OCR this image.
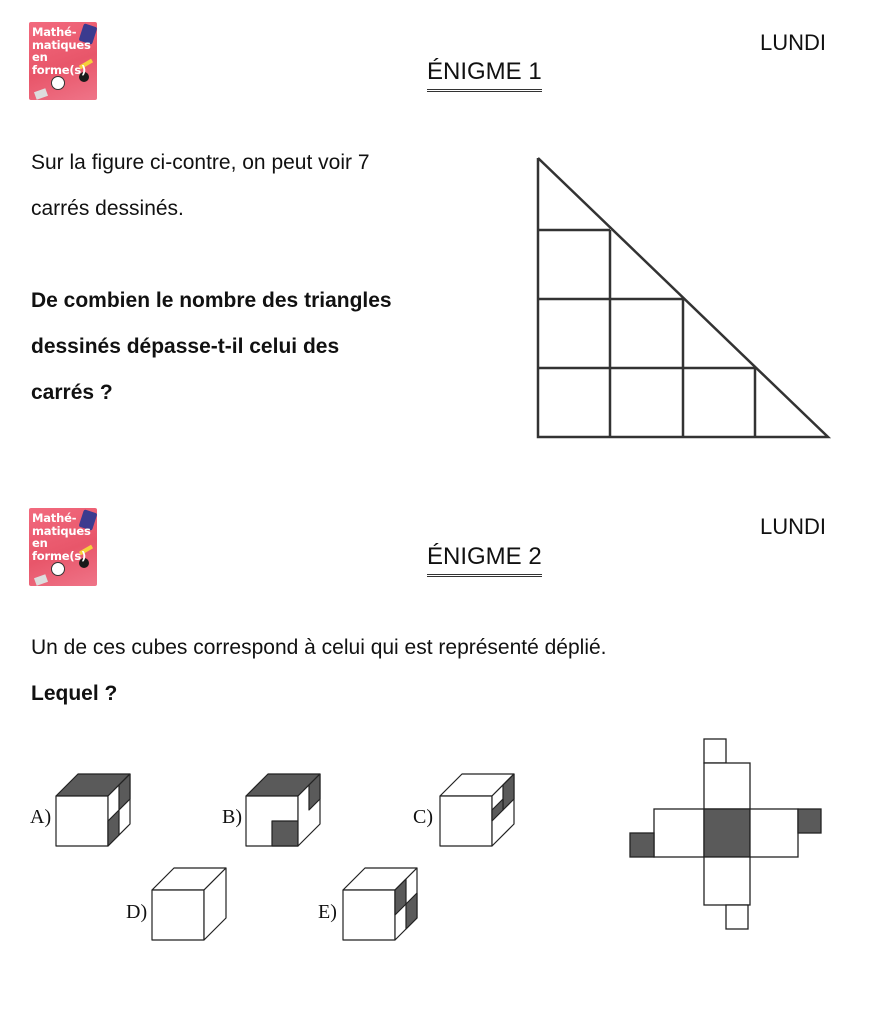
Mathé-
matiques
en
forme(s)
LUNDI
ÉNIGME 1
Sur la figure ci-contre, on peut voir 7
carrés dessinés.
De combien le nombre des triangles
dessinés dépasse-t-il celui des
carrés ?
Mathé-
matiques
en
forme(s)
LUNDI
ÉNIGME 2
Un de ces cubes correspond à celui qui est représenté déplié.
Lequel ?
A)	B)	C)
D)	E)
